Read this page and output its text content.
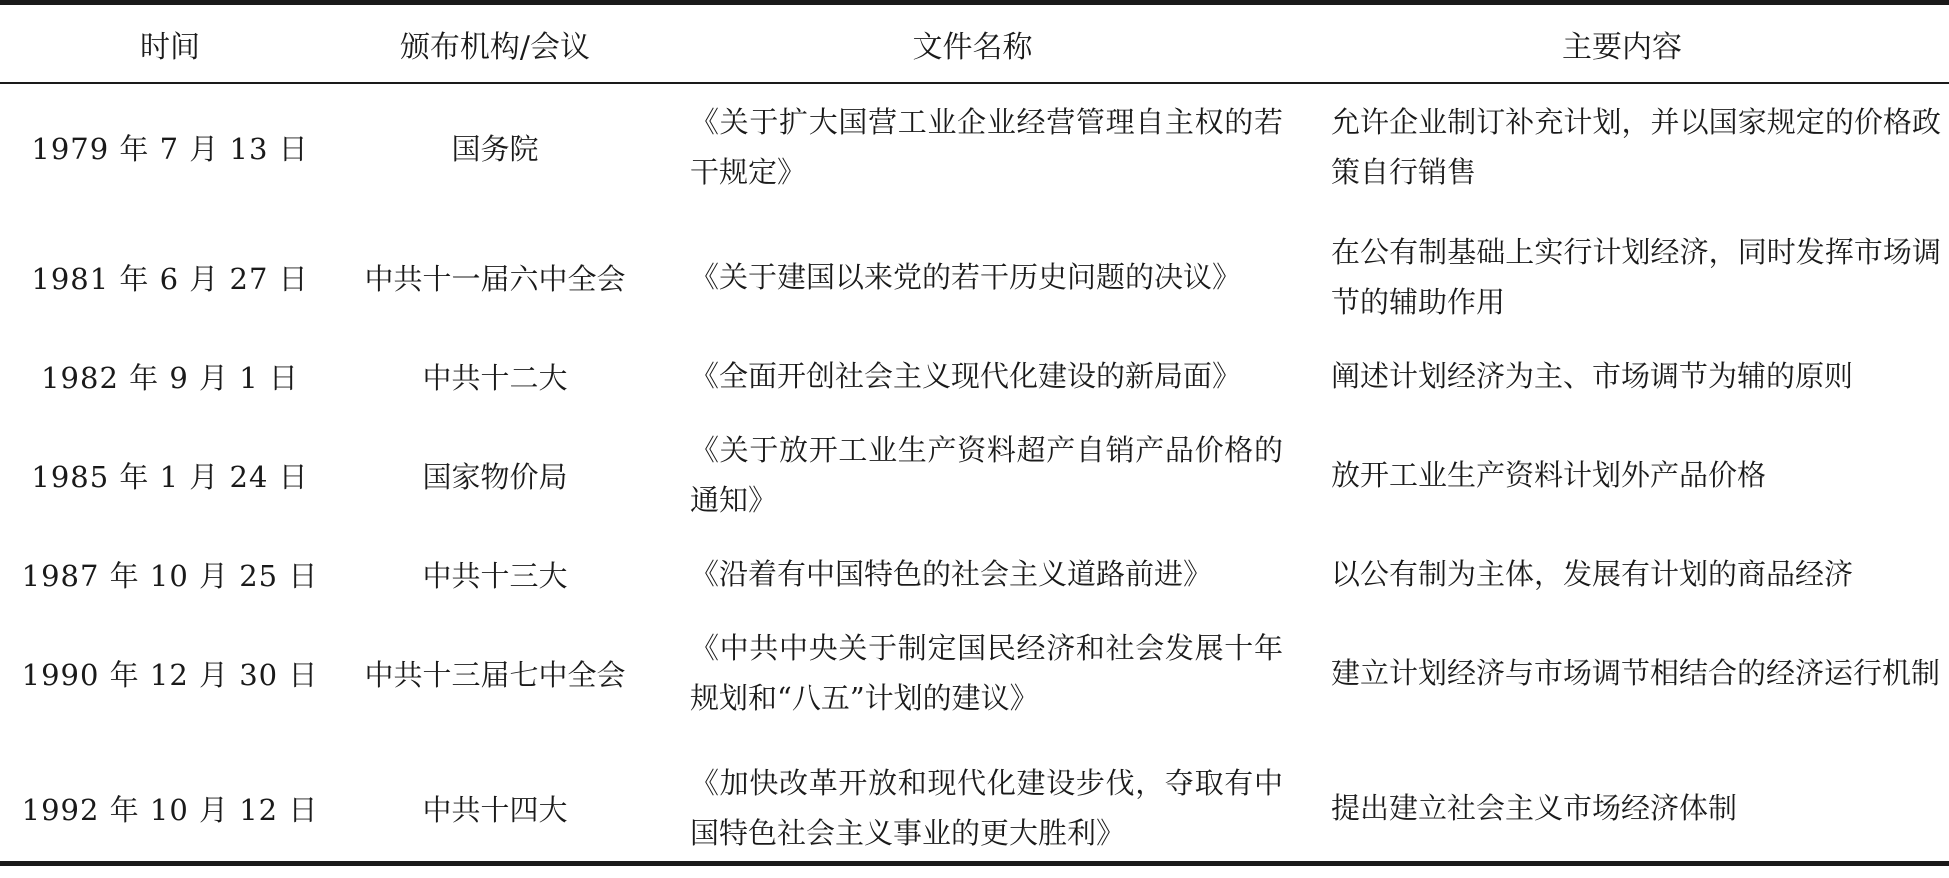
时间	颁布机构/会议	文件名称	主要内容
1979 年 7 月 13 日	国务院	《关于扩大国营工业企业经营管理自主权的若干规定》	允许企业制订补充计划，并以国家规定的价格政策自行销售
1981 年 6 月 27 日	中共十一届六中全会	《关于建国以来党的若干历史问题的决议》	在公有制基础上实行计划经济，同时发挥市场调节的辅助作用
1982 年 9 月 1 日	中共十二大	《全面开创社会主义现代化建设的新局面》	阐述计划经济为主、市场调节为辅的原则
1985 年 1 月 24 日	国家物价局	《关于放开工业生产资料超产自销产品价格的通知》	放开工业生产资料计划外产品价格
1987 年 10 月 25 日	中共十三大	《沿着有中国特色的社会主义道路前进》	以公有制为主体，发展有计划的商品经济
1990 年 12 月 30 日	中共十三届七中全会	《中共中央关于制定国民经济和社会发展十年规划和“八五”计划的建议》	建立计划经济与市场调节相结合的经济运行机制
1992 年 10 月 12 日	中共十四大	《加快改革开放和现代化建设步伐，夺取有中国特色社会主义事业的更大胜利》	提出建立社会主义市场经济体制
